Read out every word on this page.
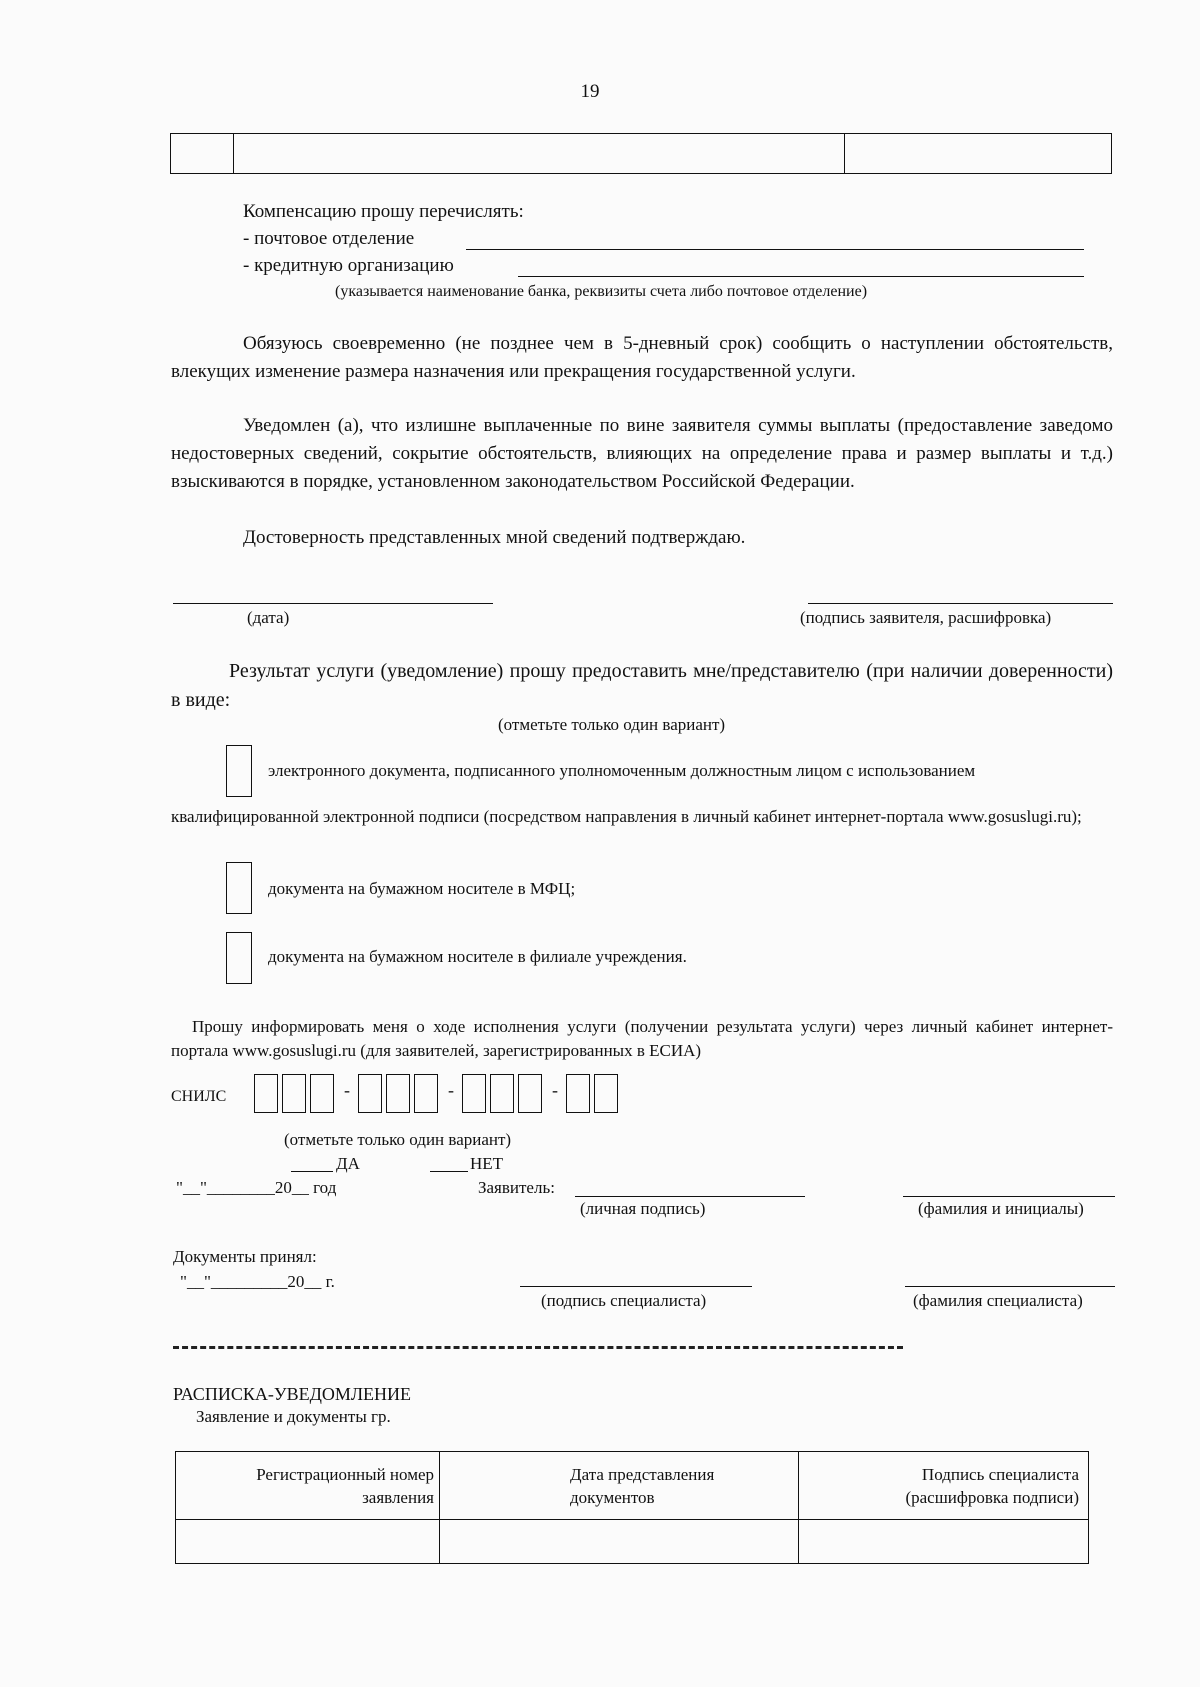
19

Компенсацию прошу перечислять:
- почтовое отделение
- кредитную организацию
(указывается наименование банка, реквизиты счета либо почтовое отделение)
Обязуюсь своевременно (не позднее чем в 5-дневный срок) сообщить о наступлении обстоятельств, влекущих изменение размера назначения или прекращения государственной услуги.
Уведомлен (а), что излишне выплаченные по вине заявителя суммы выплаты (предоставление заведомо недостоверных сведений, сокрытие обстоятельств, влияющих на определение права и размер выплаты и т.д.) взыскиваются в порядке, установленном законодательством Российской Федерации.
Достоверность представленных мной сведений подтверждаю.
(дата)	(подпись заявителя, расшифровка)
Результат услуги (уведомление) прошу предоставить мне/представителю (при наличии доверенности) в виде:
(отметьте только один вариант)
электронного документа, подписанного уполномоченным должностным лицом с использованием
квалифицированной электронной подписи (посредством направления в личный кабинет интернет-портала www.gosuslugi.ru);
документа на бумажном носителе в МФЦ;
документа на бумажном носителе в филиале учреждения.
Прошу информировать меня о ходе исполнения услуги (получении результата услуги) через личный кабинет интернет-портала www.gosuslugi.ru (для заявителей, зарегистрированных в ЕСИА)
СНИЛС	-	-	-
(отметьте только один вариант)
ДА	НЕТ
"__"________20__ год	Заявитель:
(личная подпись)	(фамилия и инициалы)
Документы принял:
"__"_________20__ г.
(подпись специалиста)	(фамилия специалиста)
РАСПИСКА-УВЕДОМЛЕНИЕ
Заявление и документы гр.
Регистрационный номер заявления	Дата представления документов	Подпись специалиста (расшифровка подписи)
